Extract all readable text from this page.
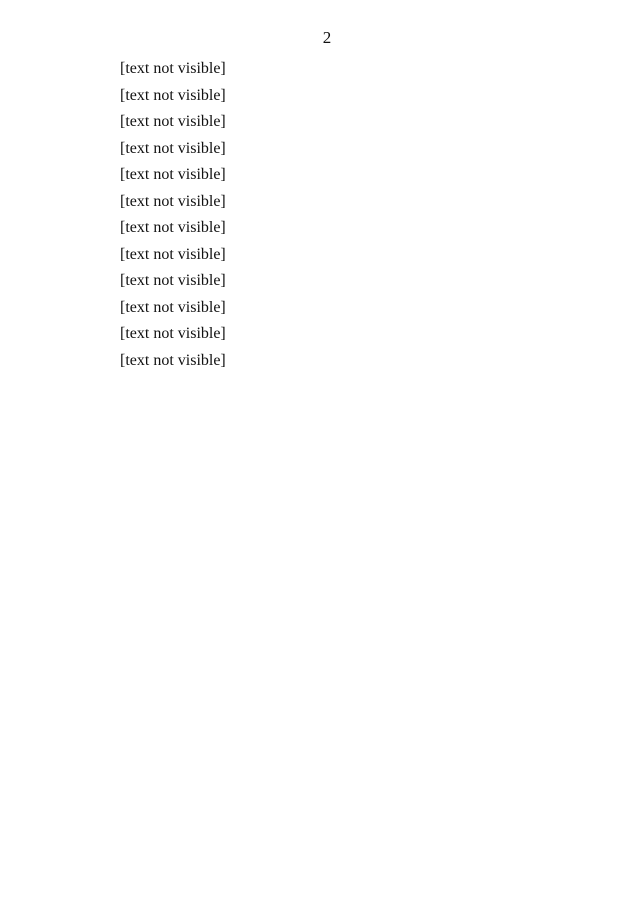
2

[text not visible]

[text not visible]

[text not visible]

[text not visible]

[text not visible]

[text not visible]

[text not visible]

[text not visible]

[text not visible]

[text not visible]

[text not visible]

[text not visible]
